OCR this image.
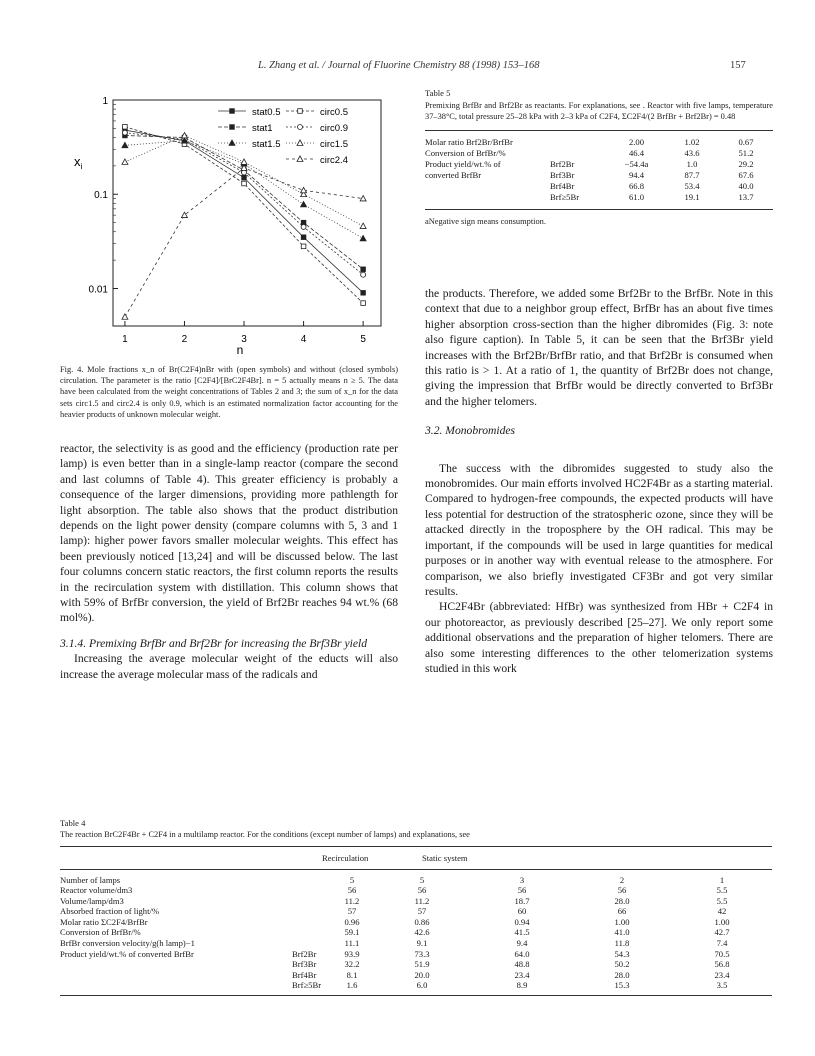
L. Zhang et al. / Journal of Fluorine Chemistry 88 (1998) 153–168	157
$x_i$
1
0.1
0.01
1	2	3	4	5
stat0.5	circ0.5
stat1	circ0.9
stat1.5	circ1.5
circ2.4
n
Fig. 4. Mole fractions x_n of Br(C2F4)nBr with (open symbols) and without (closed symbols) circulation. The parameter is the ratio [C2F4]/[BrC2F4Br]. n = 5 actually means n ≥ 5. The data have been calculated from the weight concentrations of Tables 2 and 3; the sum of x_n for the data sets circ1.5 and circ2.4 is only 0.9, which is an estimated normalization factor accounting for the heavier products of unknown molecular weight.

reactor, the selectivity is as good and the efficiency (production rate per lamp) is even better than in a single-lamp reactor (compare the second and last columns of Table 4). This greater efficiency is probably a consequence of the larger dimensions, providing more pathlength for light absorption. The table also shows that the product distribution depends on the light power density (compare columns with 5, 3 and 1 lamp): higher power favors smaller molecular weights. This effect has been previously noticed [13,24] and will be discussed below. The last four columns concern static reactors, the first column reports the results in the recirculation system with distillation. This column shows that with 59% of BrfBr conversion, the yield of Brf2Br reaches 94 wt.% (68 mol%).

3.1.4. Premixing BrfBr and Brf2Br for increasing the Brf3Br yield

Increasing the average molecular weight of the educts will also increase the average molecular mass of the radicals and

Table 5
Premixing BrfBr and Brf2Br as reactants. For explanations, see . Reactor with five lamps, temperature 37–38°C, total pressure 25–28 kPa with 2–3 kPa of C2F4, ΣC2F4/(2 BrfBr + Brf2Br) = 0.48
Molar ratio Brf2Br/BrfBr		2.00	1.02	0.67
Conversion of BrfBr/%		46.4	43.6	51.2
Product yield/wt.% of	Brf2Br	−54.4a	1.0	29.2
converted BrfBr	Brf3Br	94.4	87.7	67.6
	Brf4Br	66.8	53.4	40.0
	Brf≥5Br	61.0	19.1	13.7
aNegative sign means consumption.

the products. Therefore, we added some Brf2Br to the BrfBr. Note in this context that due to a neighbor group effect, BrfBr has an about five times higher absorption cross-section than the higher dibromides (Fig. 3: note also figure caption). In Table 5, it can be seen that the Brf3Br yield increases with the Brf2Br/BrfBr ratio, and that Brf2Br is consumed when this ratio is > 1. At a ratio of 1, the quantity of Brf2Br does not change, giving the impression that BrfBr would be directly converted to Brf3Br and the higher telomers.

3.2. Monobromides

The success with the dibromides suggested to study also the monobromides. Our main efforts involved HC2F4Br as a starting material. Compared to hydrogen-free compounds, the expected products will have less potential for destruction of the stratospheric ozone, since they will be attacked directly in the troposphere by the OH radical. This may be important, if the compounds will be used in large quantities for medical purposes or in another way with eventual release to the atmosphere. For comparison, we also briefly investigated CF3Br and got very similar results.

HC2F4Br (abbreviated: HfBr) was synthesized from HBr + C2F4 in our photoreactor, as previously described [25–27]. We only report some additional observations and the preparation of higher telomers. There are also some interesting differences to the other telomerization systems studied in this work

Table 4
The reaction BrC2F4Br + C2F4 in a multilamp reactor. For the conditions (except number of lamps) and explanations, see
Recirculation	Static system
Number of lamps		5	5	3	2	1
Reactor volume/dm3		56	56	56	56	5.5
Volume/lamp/dm3		11.2	11.2	18.7	28.0	5.5
Absorbed fraction of light/%		57	57	60	66	42
Molar ratio ΣC2F4/BrfBr		0.96	0.86	0.94	1.00	1.00
Conversion of BrfBr/%		59.1	42.6	41.5	41.0	42.7
BrfBr conversion velocity/g(h lamp)−1		11.1	9.1	9.4	11.8	7.4
Product yield/wt.% of converted BrfBr	Brf2Br	93.9	73.3	64.0	54.3	70.5
	Brf3Br	32.2	51.9	48.8	50.2	56.8
	Brf4Br	8.1	20.0	23.4	28.0	23.4
	Brf≥5Br	1.6	6.0	8.9	15.3	3.5
